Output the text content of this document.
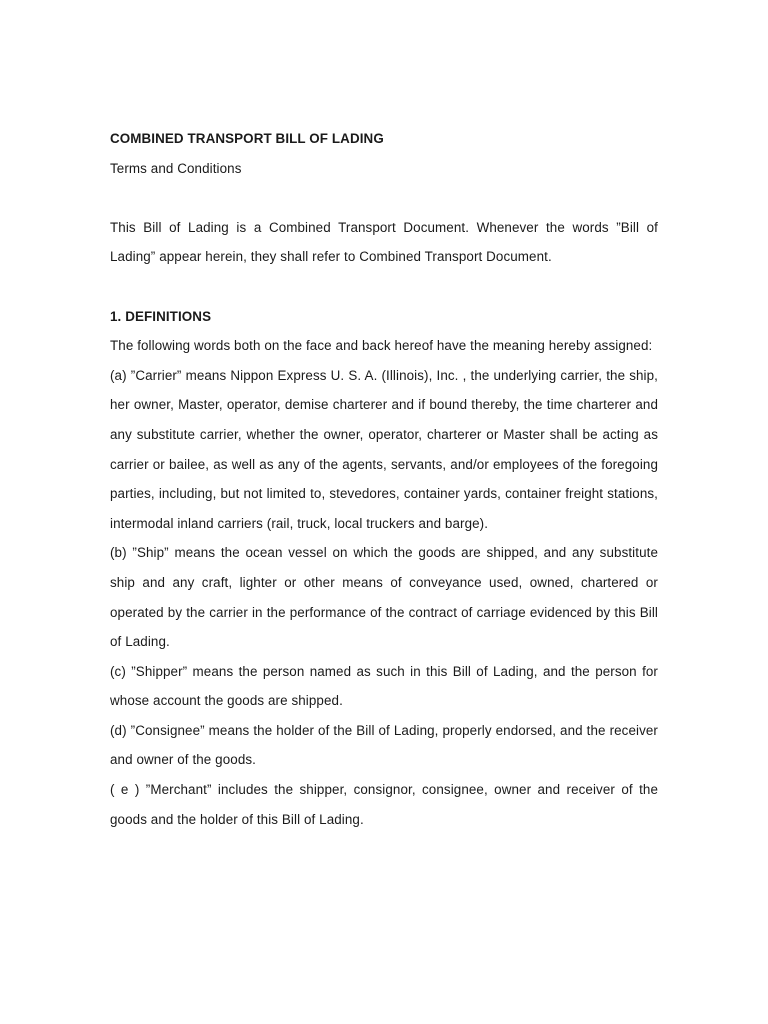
COMBINED TRANSPORT BILL OF LADING

Terms and Conditions

This Bill of Lading is a Combined Transport Document. Whenever the words ”Bill of Lading” appear herein, they shall refer to Combined Transport Document.

1. DEFINITIONS

The following words both on the face and back hereof have the meaning hereby assigned:

(a) ”Carrier” means Nippon Express U. S. A. (Illinois), Inc. , the underlying carrier, the ship, her owner, Master, operator, demise charterer and if bound thereby, the time charterer and any substitute carrier, whether the owner, operator, charterer or Master shall be acting as carrier or bailee, as well as any of the agents, servants, and/or employees of the foregoing parties, including, but not limited to, stevedores, container yards, container freight stations, intermodal inland carriers (rail, truck, local truckers and barge).

(b) ”Ship” means the ocean vessel on which the goods are shipped, and any substitute ship and any craft, lighter or other means of conveyance used, owned, chartered or operated by the carrier in the performance of the contract of carriage evidenced by this Bill of Lading.

(c) ”Shipper” means the person named as such in this Bill of Lading, and the person for whose account the goods are shipped.

(d) ”Consignee” means the holder of the Bill of Lading, properly endorsed, and the receiver and owner of the goods.

( e ) ”Merchant” includes the shipper, consignor, consignee, owner and receiver of the goods and the holder of this Bill of Lading.
